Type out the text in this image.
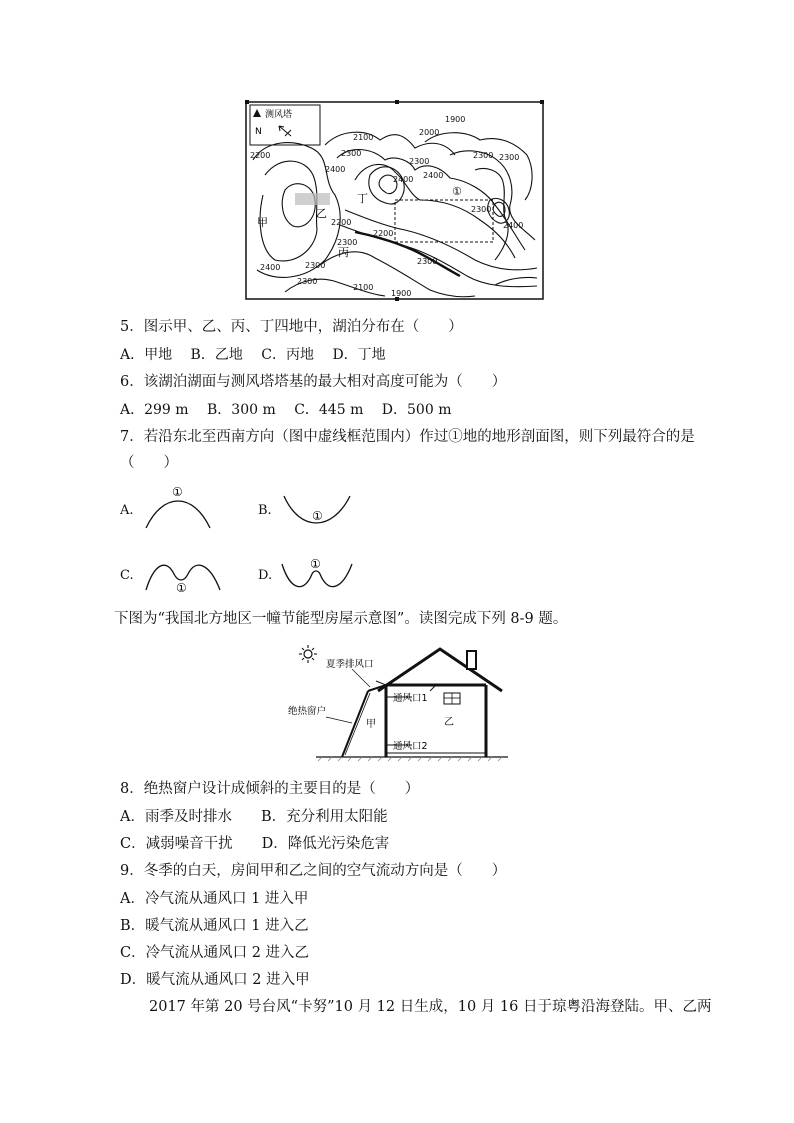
测风塔
N
甲
乙
丙
丁
①
2200
2100
2000
1900
2300
2400
2300
2400
2300
2200
2300
2400
2300
2200
2300
2300
2400
2400
2300
2300
2100
1900
5．图示甲、乙、丙、丁四地中，湖泊分布在（　　）
A．甲地　 B．乙地　 C．丙地　 D．丁地
6．该湖泊湖面与测风塔塔基的最大相对高度可能为（　　）
A．299 m　 B．300 m　 C．445 m　 D．500 m
7．若沿东北至西南方向（图中虚线框范围内）作过①地的地形剖面图，则下列最符合的是
（　　）
A.
①
B.	①
C.
①
D.
①
下图为“我国北方地区一幢节能型房屋示意图”。读图完成下列 8-9 题。
夏季排风口
绝热窗户
通风口1
通风口2
甲	乙
8．绝热窗户设计成倾斜的主要目的是（　　）
A．雨季及时排水　　B．充分利用太阳能
C．减弱噪音干扰　　D．降低光污染危害
9．冬季的白天，房间甲和乙之间的空气流动方向是（　　）
A．冷气流从通风口 1 进入甲
B．暖气流从通风口 1 进入乙
C．冷气流从通风口 2 进入乙
D．暖气流从通风口 2 进入甲
　　2017 年第 20 号台风“卡努”10 月 12 日生成，10 月 16 日于琼粤沿海登陆。甲、乙两
